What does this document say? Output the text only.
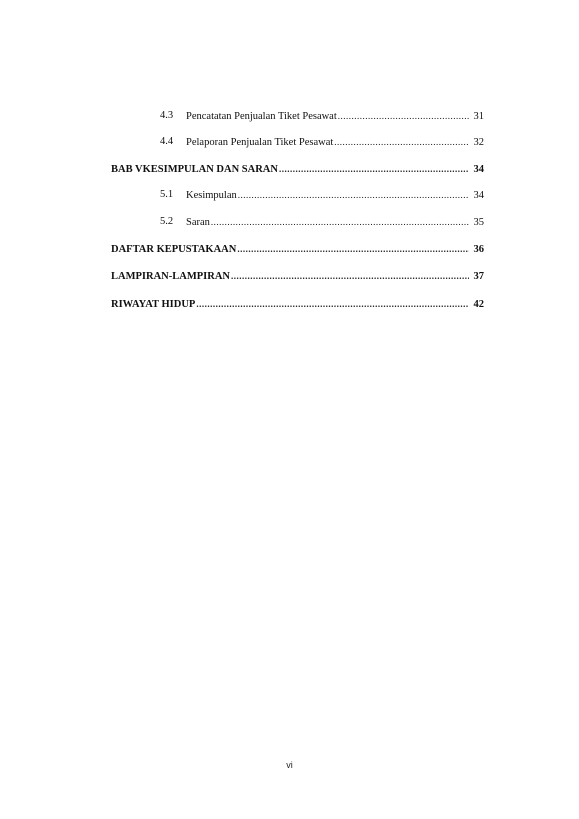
4.3 Pencatatan Penjualan Tiket Pesawat .....	31
4.4 Pelaporan Penjualan Tiket Pesawat .....	32
BAB V KESIMPULAN DAN SARAN .....	34
5.1 Kesimpulan .....	34
5.2 Saran .....	35
DAFTAR KEPUSTAKAAN .....	36
LAMPIRAN-LAMPIRAN .....	37
RIWAYAT HIDUP .....	42
vi
